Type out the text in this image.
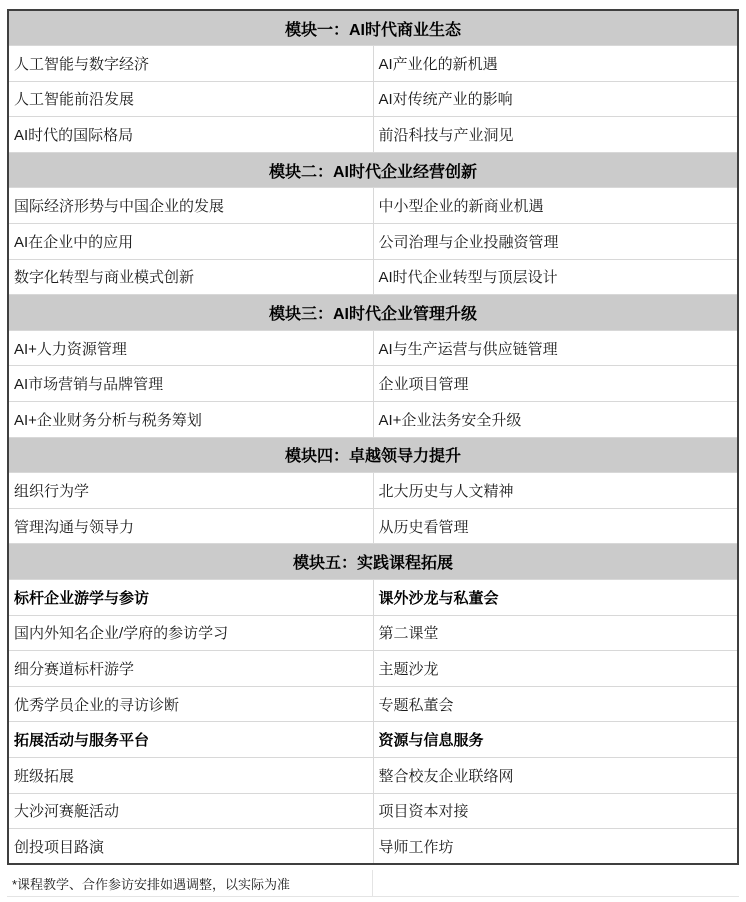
模块一：AI时代商业生态	
人工智能与数字经济	AI产业化的新机遇
人工智能前沿发展	AI对传统产业的影响
AI时代的国际格局	前沿科技与产业洞见
模块二：AI时代企业经营创新	
国际经济形势与中国企业的发展	中小型企业的新商业机遇
AI在企业中的应用	公司治理与企业投融资管理
数字化转型与商业模式创新	AI时代企业转型与顶层设计
模块三：AI时代企业管理升级	
AI+人力资源管理	AI与生产运营与供应链管理
AI市场营销与品牌管理	企业项目管理
AI+企业财务分析与税务筹划	AI+企业法务安全升级
模块四：卓越领导力提升	
组织行为学	北大历史与人文精神
管理沟通与领导力	从历史看管理
模块五：实践课程拓展	
标杆企业游学与参访	课外沙龙与私董会
国内外知名企业/学府的参访学习	第二课堂
细分赛道标杆游学	主题沙龙
优秀学员企业的寻访诊断	专题私董会
拓展活动与服务平台	资源与信息服务
班级拓展	整合校友企业联络网
大沙河赛艇活动	项目资本对接
创投项目路演	导师工作坊
*课程教学、合作参访安排如遇调整，以实际为准
